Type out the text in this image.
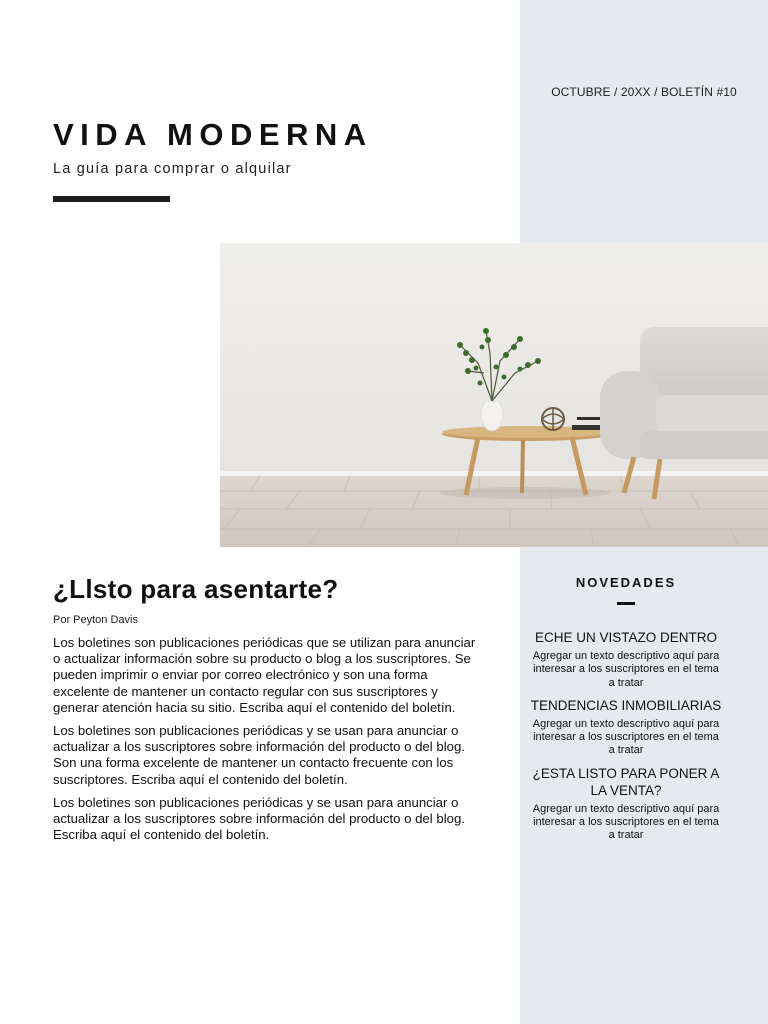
OCTUBRE / 20XX / BOLETÍN #10
VIDA MODERNA

La guía para comprar o alquilar

¿Llsto para asentarte?

Por Peyton Davis

Los boletines son publicaciones periódicas que se utilizan para anunciar o actualizar información sobre su producto o blog a los suscriptores. Se pueden imprimir o enviar por correo electrónico y son una forma excelente de mantener un contacto regular con sus suscriptores y generar atención hacia su sitio. Escriba aquí el contenido del boletín.

Los boletines son publicaciones periódicas y se usan para anunciar o actualizar a los suscriptores sobre información del producto o del blog. Son una forma excelente de mantener un contacto frecuente con los suscriptores. Escriba aquí el contenido del boletín.

Los boletines son publicaciones periódicas y se usan para anunciar o actualizar a los suscriptores sobre información del producto o del blog. Escriba aquí el contenido del boletín.

NOVEDADES
ECHE UN VISTAZO DENTRO
Agregar un texto descriptivo aquí para interesar a los suscriptores en el tema a tratar
TENDENCIAS INMOBILIARIAS
Agregar un texto descriptivo aquí para interesar a los suscriptores en el tema a tratar
¿ESTA LISTO PARA PONER A LA VENTA?
Agregar un texto descriptivo aquí para interesar a los suscriptores en el tema a tratar
